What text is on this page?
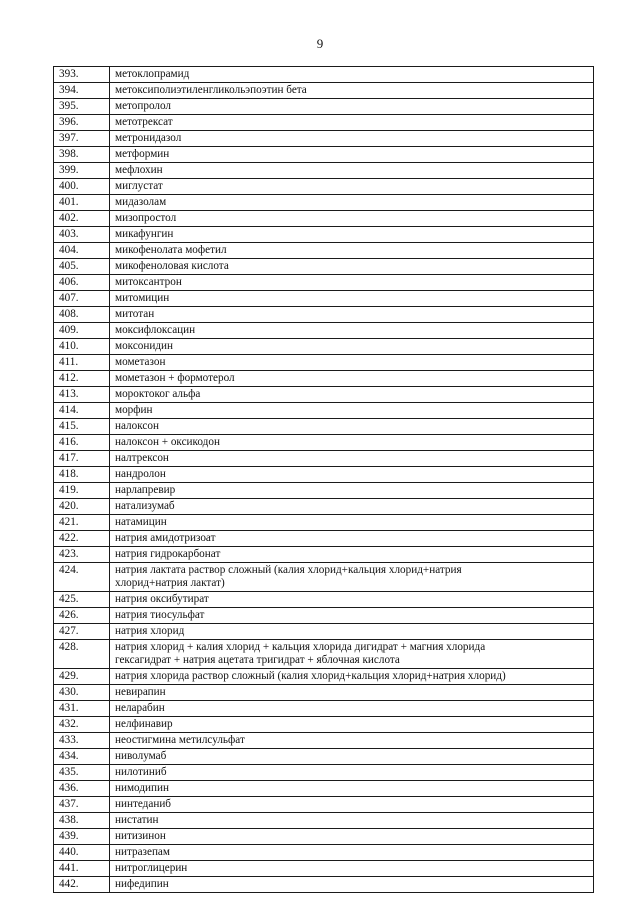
9
393.	метоклопрамид

394.	метоксиполиэтиленгликольэпоэтин бета

395.	метопролол

396.	метотрексат

397.	метронидазол

398.	метформин

399.	мефлохин

400.	миглустат

401.	мидазолам

402.	мизопростол

403.	микафунгин

404.	микофенолата мофетил

405.	микофеноловая кислота

406.	митоксантрон

407.	митомицин

408.	митотан

409.	моксифлоксацин

410.	моксонидин

411.	мометазон

412.	мометазон + формотерол

413.	мороктоког альфа

414.	морфин

415.	налоксон

416.	налоксон + оксикодон

417.	налтрексон

418.	нандролон

419.	нарлапревир

420.	натализумаб

421.	натамицин

422.	натрия амидотризоат

423.	натрия гидрокарбонат

424.	натрия лактата раствор сложный (калия хлорид+кальция хлорид+натрия
хлорид+натрия лактат)

425.	натрия оксибутират

426.	натрия тиосульфат

427.	натрия хлорид

428.	натрия хлорид + калия хлорид + кальция хлорида дигидрат + магния хлорида
гексагидрат + натрия ацетата тригидрат + яблочная кислота

429.	натрия хлорида раствор сложный (калия хлорид+кальция хлорид+натрия хлорид)

430.	невирапин

431.	неларабин

432.	нелфинавир

433.	неостигмина метилсульфат

434.	ниволумаб

435.	нилотиниб

436.	нимодипин

437.	нинтеданиб

438.	нистатин

439.	нитизинон

440.	нитразепам

441.	нитроглицерин

442.	нифедипин
